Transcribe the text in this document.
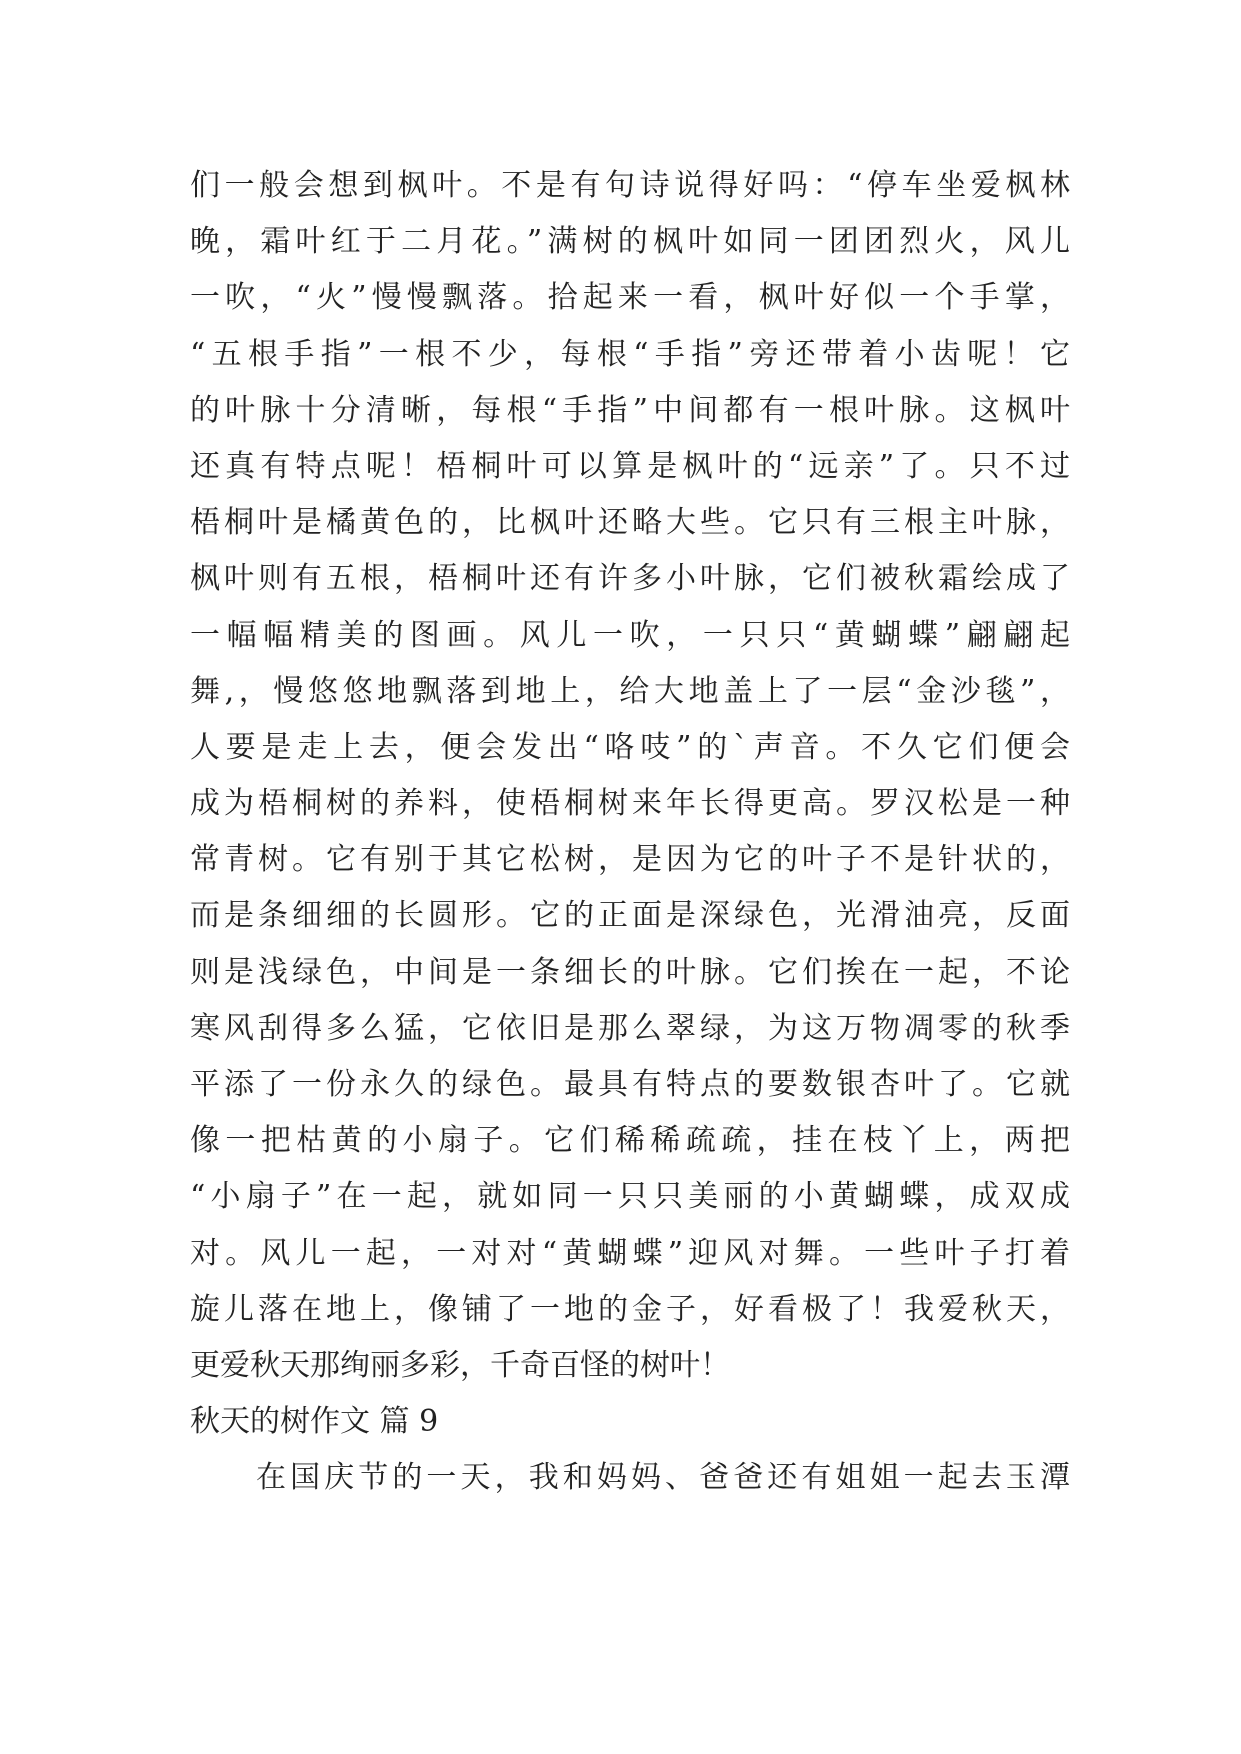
们一般会想到枫叶。不是有句诗说得好吗：“停车坐爱枫林
晚，霜叶红于二月花。”满树的枫叶如同一团团烈火，风儿
一吹，“火”慢慢飘落。拾起来一看，枫叶好似一个手掌，
“五根手指”一根不少，每根“手指”旁还带着小齿呢！它
的叶脉十分清晰，每根“手指”中间都有一根叶脉。这枫叶
还真有特点呢！梧桐叶可以算是枫叶的“远亲”了。只不过
梧桐叶是橘黄色的，比枫叶还略大些。它只有三根主叶脉，
枫叶则有五根，梧桐叶还有许多小叶脉，它们被秋霜绘成了
一幅幅精美的图画。风儿一吹，一只只“黄蝴蝶”翩翩起
舞,，慢悠悠地飘落到地上，给大地盖上了一层“金沙毯”，
人要是走上去，便会发出“咯吱”的`声音。不久它们便会
成为梧桐树的养料，使梧桐树来年长得更高。罗汉松是一种
常青树。它有别于其它松树，是因为它的叶子不是针状的，
而是条细细的长圆形。它的正面是深绿色，光滑油亮，反面
则是浅绿色，中间是一条细长的叶脉。它们挨在一起，不论
寒风刮得多么猛，它依旧是那么翠绿，为这万物凋零的秋季
平添了一份永久的绿色。最具有特点的要数银杏叶了。它就
像一把枯黄的小扇子。它们稀稀疏疏，挂在枝丫上，两把
“小扇子”在一起，就如同一只只美丽的小黄蝴蝶，成双成
对。风儿一起，一对对“黄蝴蝶”迎风对舞。一些叶子打着
旋儿落在地上，像铺了一地的金子，好看极了！我爱秋天，
更爱秋天那绚丽多彩，千奇百怪的树叶！
秋天的树作文 篇 9
在国庆节的一天，我和妈妈、爸爸还有姐姐一起去玉潭
